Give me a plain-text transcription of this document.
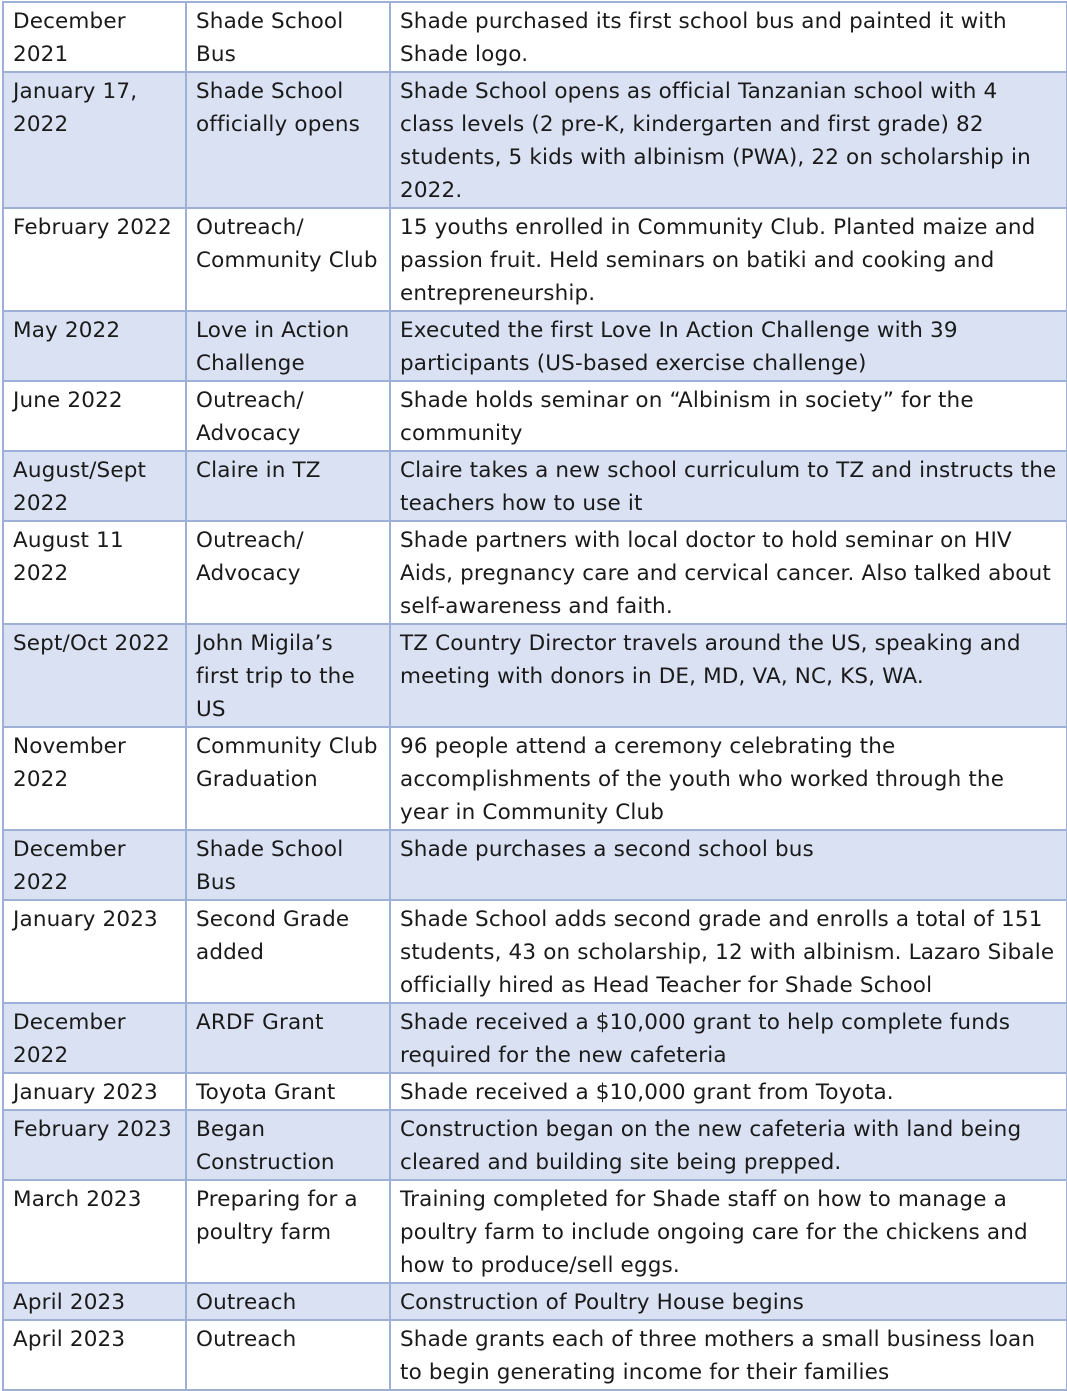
December 2021	Shade School Bus	Shade purchased its first school bus and painted it with Shade logo.
January 17, 2022	Shade School officially opens	Shade School opens as official Tanzanian school with 4 class levels (2 pre-K, kindergarten and first grade) 82 students, 5 kids with albinism (PWA), 22 on scholarship in 2022.
February 2022	Outreach/ Community Club	15 youths enrolled in Community Club. Planted maize and passion fruit. Held seminars on batiki and cooking and entrepreneurship.
May 2022	Love in Action Challenge	Executed the first Love In Action Challenge with 39 participants (US-based exercise challenge)
June 2022	Outreach/ Advocacy	Shade holds seminar on “Albinism in society” for the community
August/Sept 2022	Claire in TZ	Claire takes a new school curriculum to TZ and instructs the teachers how to use it
August 11 2022	Outreach/ Advocacy	Shade partners with local doctor to hold seminar on HIV Aids, pregnancy care and cervical cancer. Also talked about self-awareness and faith.
Sept/Oct 2022	John Migila’s first trip to the US	TZ Country Director travels around the US, speaking and meeting with donors in DE, MD, VA, NC, KS, WA.
November 2022	Community Club Graduation	96 people attend a ceremony celebrating the accomplishments of the youth who worked through the year in Community Club
December 2022	Shade School Bus	Shade purchases a second school bus
January 2023	Second Grade added	Shade School adds second grade and enrolls a total of 151 students, 43 on scholarship, 12 with albinism. Lazaro Sibale officially hired as Head Teacher for Shade School
December 2022	ARDF Grant	Shade received a $10,000 grant to help complete funds required for the new cafeteria
January 2023	Toyota Grant	Shade received a $10,000 grant from Toyota.
February 2023	Began Construction	Construction began on the new cafeteria with land being cleared and building site being prepped.
March 2023	Preparing for a poultry farm	Training completed for Shade staff on how to manage a poultry farm to include ongoing care for the chickens and how to produce/sell eggs.
April 2023	Outreach	Construction of Poultry House begins
April 2023	Outreach	Shade grants each of three mothers a small business loan to begin generating income for their families
